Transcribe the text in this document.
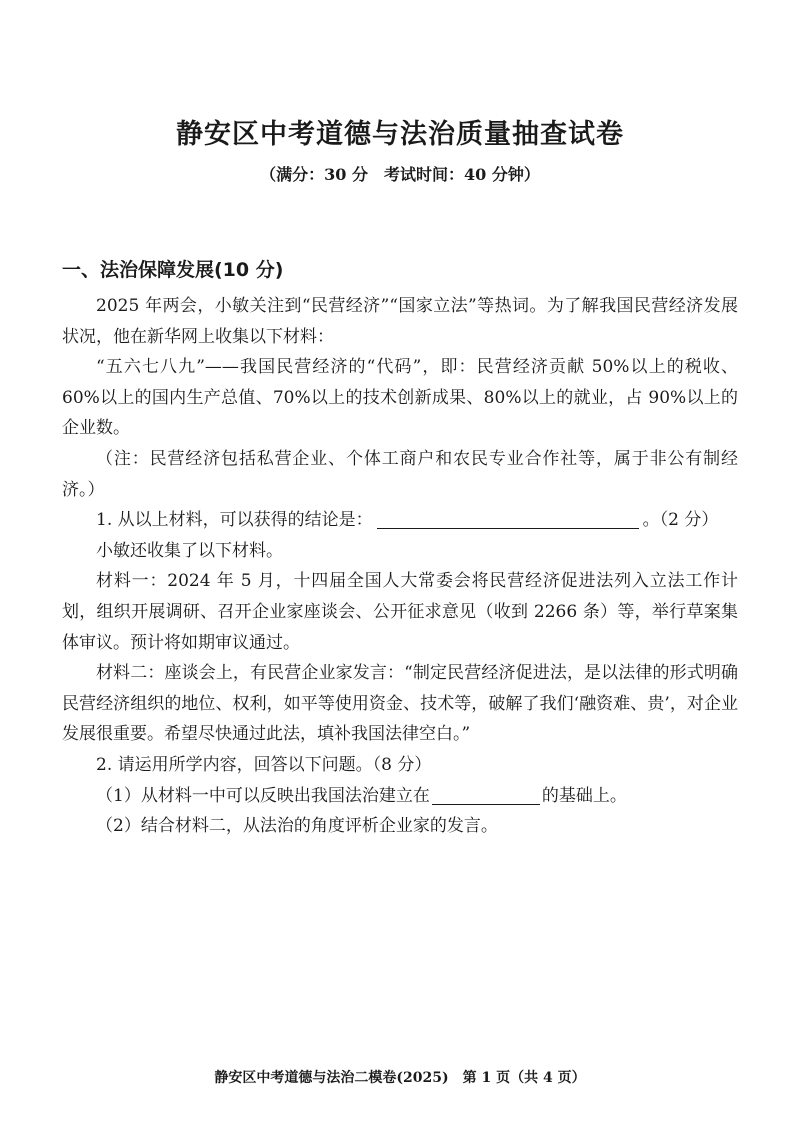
静安区中考道德与法治质量抽查试卷
（满分：30 分　考试时间：40 分钟）
一、法治保障发展(10 分)

2025 年两会，小敏关注到“民营经济”“国家立法”等热词。为了解我国民营经济发展状况，他在新华网上收集以下材料：

“五六七八九”——我国民营经济的“代码”，即：民营经济贡献 50%以上的税收、60%以上的国内生产总值、70%以上的技术创新成果、80%以上的就业，占 90%以上的企业数。

（注：民营经济包括私营企业、个体工商户和农民专业合作社等，属于非公有制经济。）

1. 从以上材料，可以获得的结论是：	。（2 分）

小敏还收集了以下材料。

材料一：2024 年 5 月，十四届全国人大常委会将民营经济促进法列入立法工作计划，组织开展调研、召开企业家座谈会、公开征求意见（收到 2266 条）等，举行草案集体审议。预计将如期审议通过。

材料二：座谈会上，有民营企业家发言：“制定民营经济促进法，是以法律的形式明确民营经济组织的地位、权利，如平等使用资金、技术等，破解了我们‘融资难、贵’，对企业发展很重要。希望尽快通过此法，填补我国法律空白。”

2. 请运用所学内容，回答以下问题。（8 分）

（1）从材料一中可以反映出我国法治建立在	的基础上。

（2）结合材料二，从法治的角度评析企业家的发言。

静安区中考道德与法治二模卷(2025)　第 1 页（共 4 页）
